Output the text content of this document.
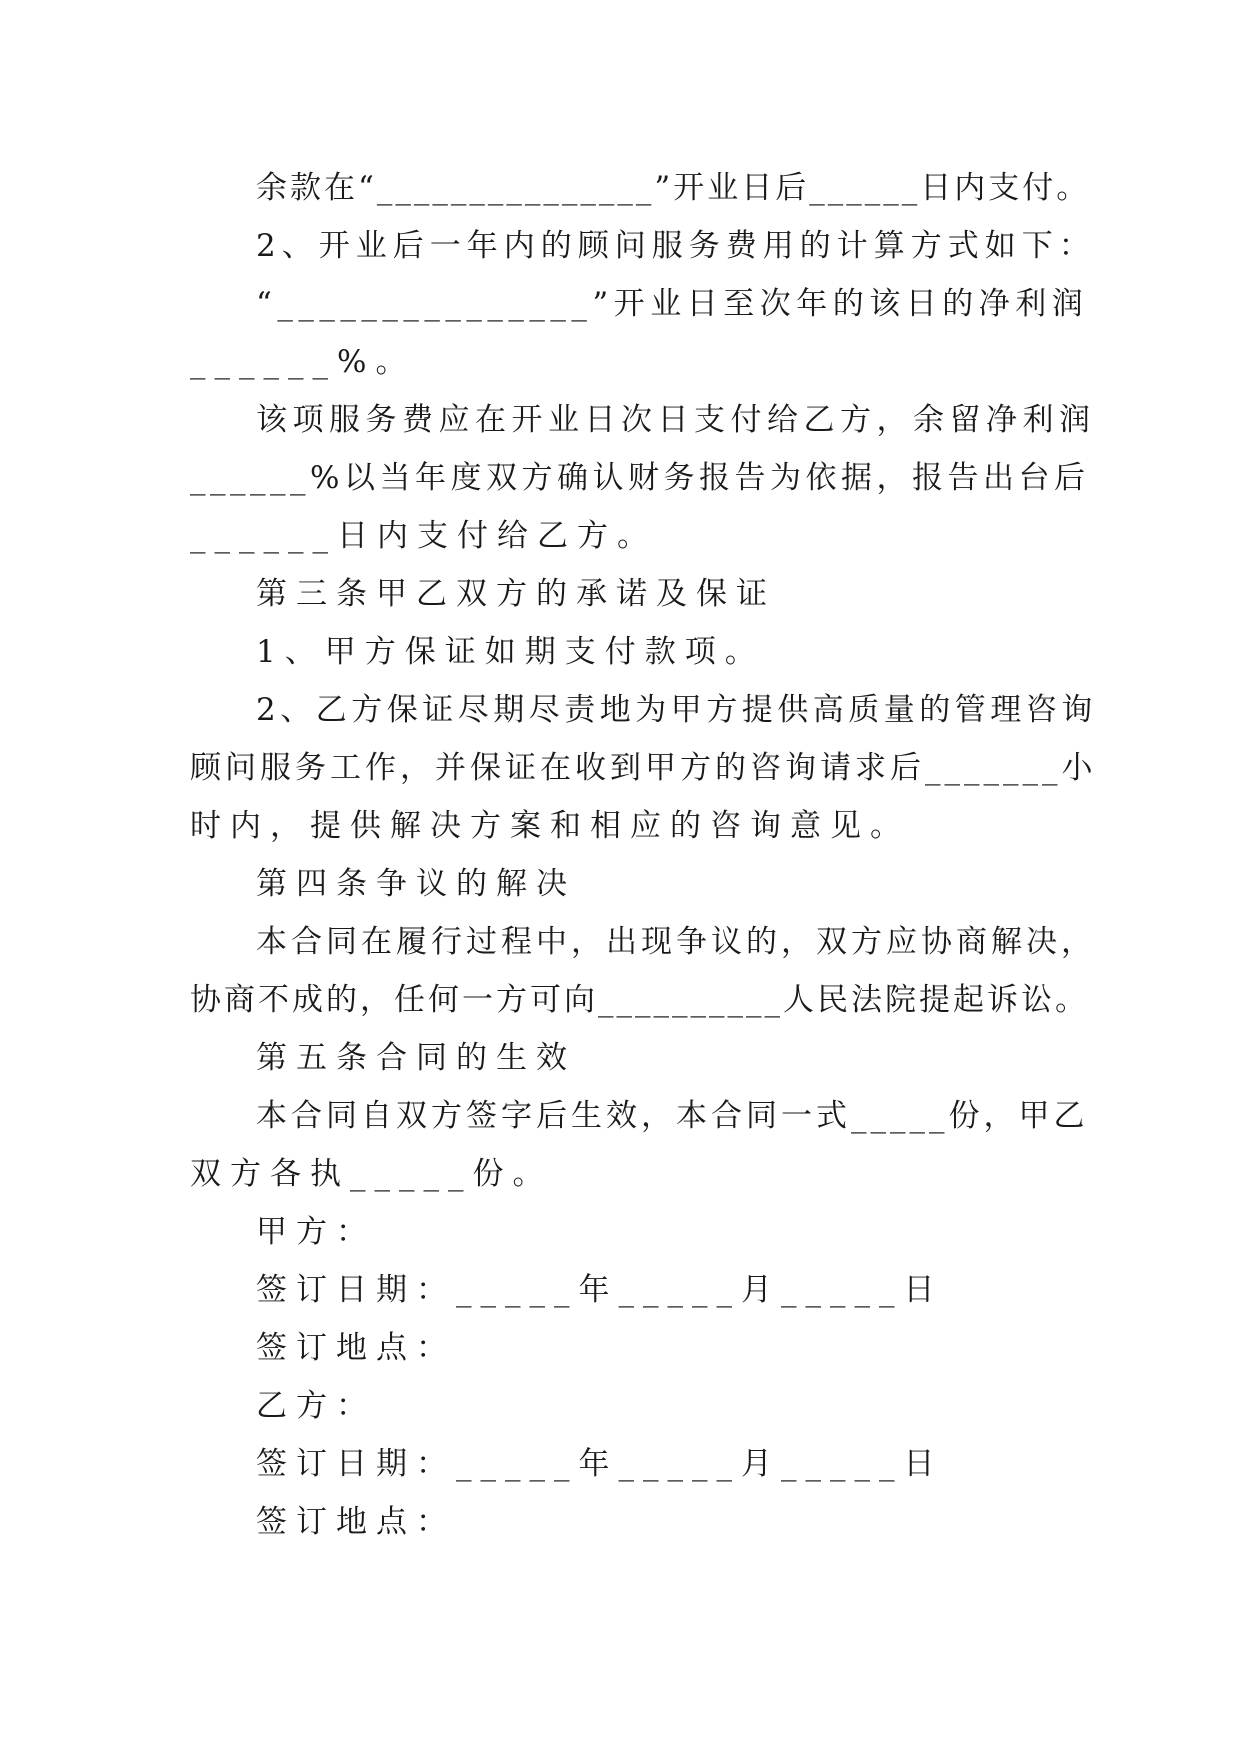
余款在“_______________”开业日后______日内支付。

2、开业后一年内的顾问服务费用的计算方式如下：

“_______________”开业日至次年的该日的净利润

______%。

该项服务费应在开业日次日支付给乙方，余留净利润

______%以当年度双方确认财务报告为依据，报告出台后

______日内支付给乙方。

第三条甲乙双方的承诺及保证

1、甲方保证如期支付款项。

2、乙方保证尽期尽责地为甲方提供高质量的管理咨询

顾问服务工作，并保证在收到甲方的咨询请求后_______小

时内，提供解决方案和相应的咨询意见。

第四条争议的解决

本合同在履行过程中，出现争议的，双方应协商解决，

协商不成的，任何一方可向__________人民法院提起诉讼。

第五条合同的生效

本合同自双方签字后生效，本合同一式_____份，甲乙

双方各执_____份。

甲方：

签订日期：_____年_____月_____日

签订地点：

乙方：

签订日期：_____年_____月_____日

签订地点：
